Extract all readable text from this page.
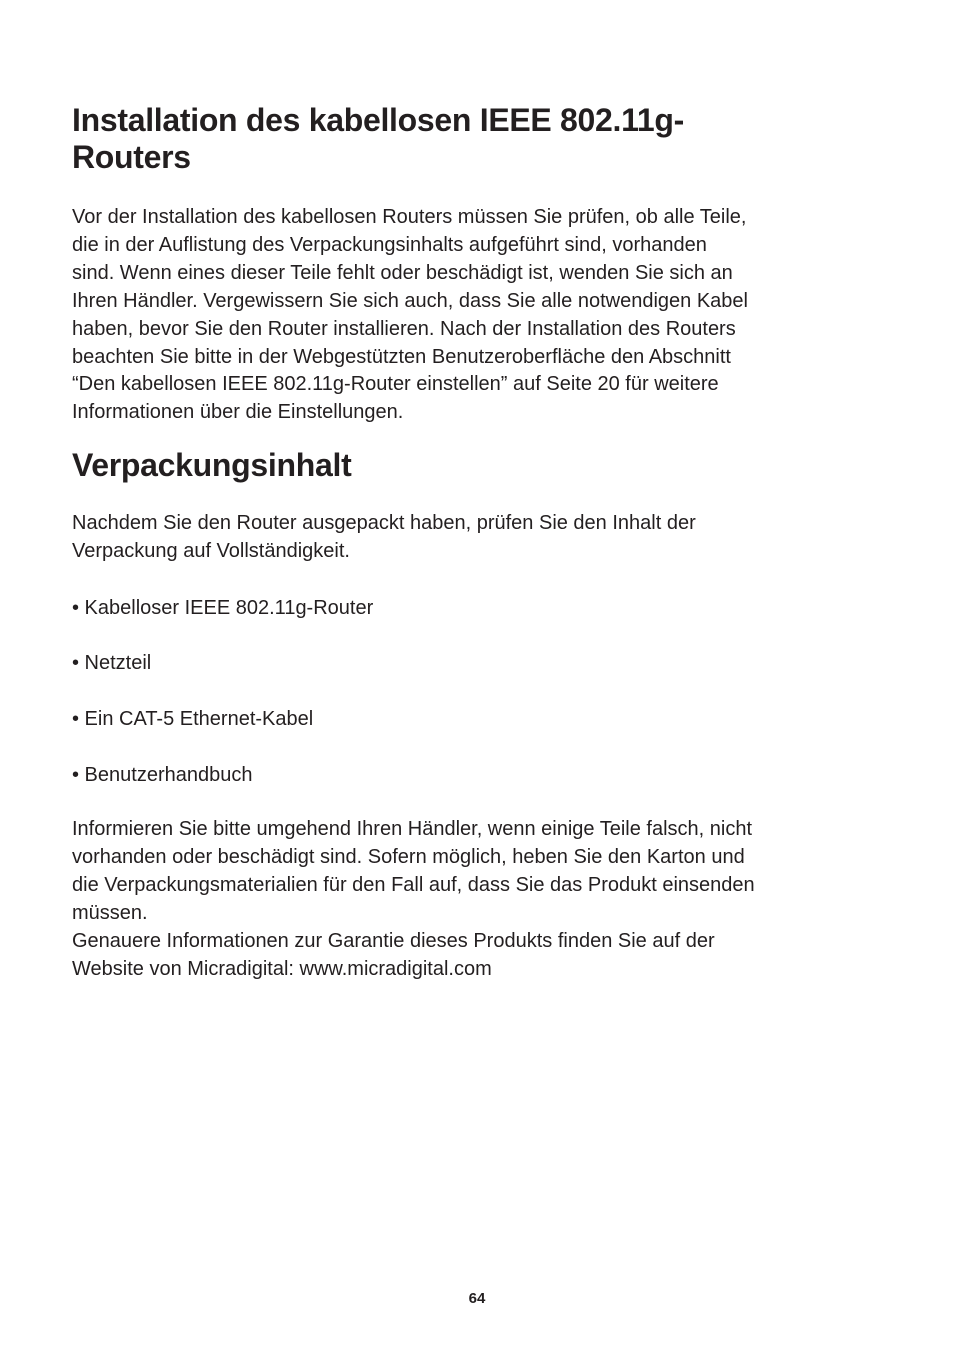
Installation des kabellosen IEEE 802.11g-
Routers

Vor der Installation des kabellosen Routers müssen Sie prüfen, ob alle Teile,
die in der Auflistung des Verpackungsinhalts aufgeführt sind, vorhanden
sind. Wenn eines dieser Teile fehlt oder beschädigt ist, wenden Sie sich an
Ihren Händler. Vergewissern Sie sich auch, dass Sie alle notwendigen Kabel
haben, bevor Sie den Router installieren. Nach der Installation des Routers
beachten Sie bitte in der Webgestützten Benutzeroberfläche den Abschnitt
“Den kabellosen IEEE 802.11g-Router einstellen” auf Seite 20 für weitere
Informationen über die Einstellungen.

Verpackungsinhalt

Nachdem Sie den Router ausgepackt haben, prüfen Sie den Inhalt der
Verpackung auf Vollständigkeit.

• Kabelloser IEEE 802.11g-Router
• Netzteil
• Ein CAT-5 Ethernet-Kabel
• Benutzerhandbuch

Informieren Sie bitte umgehend Ihren Händler, wenn einige Teile falsch, nicht
vorhanden oder beschädigt sind. Sofern möglich, heben Sie den Karton und
die Verpackungsmaterialien für den Fall auf, dass Sie das Produkt einsenden
müssen.
Genauere Informationen zur Garantie dieses Produkts finden Sie auf der
Website von Micradigital: www.micradigital.com

64
